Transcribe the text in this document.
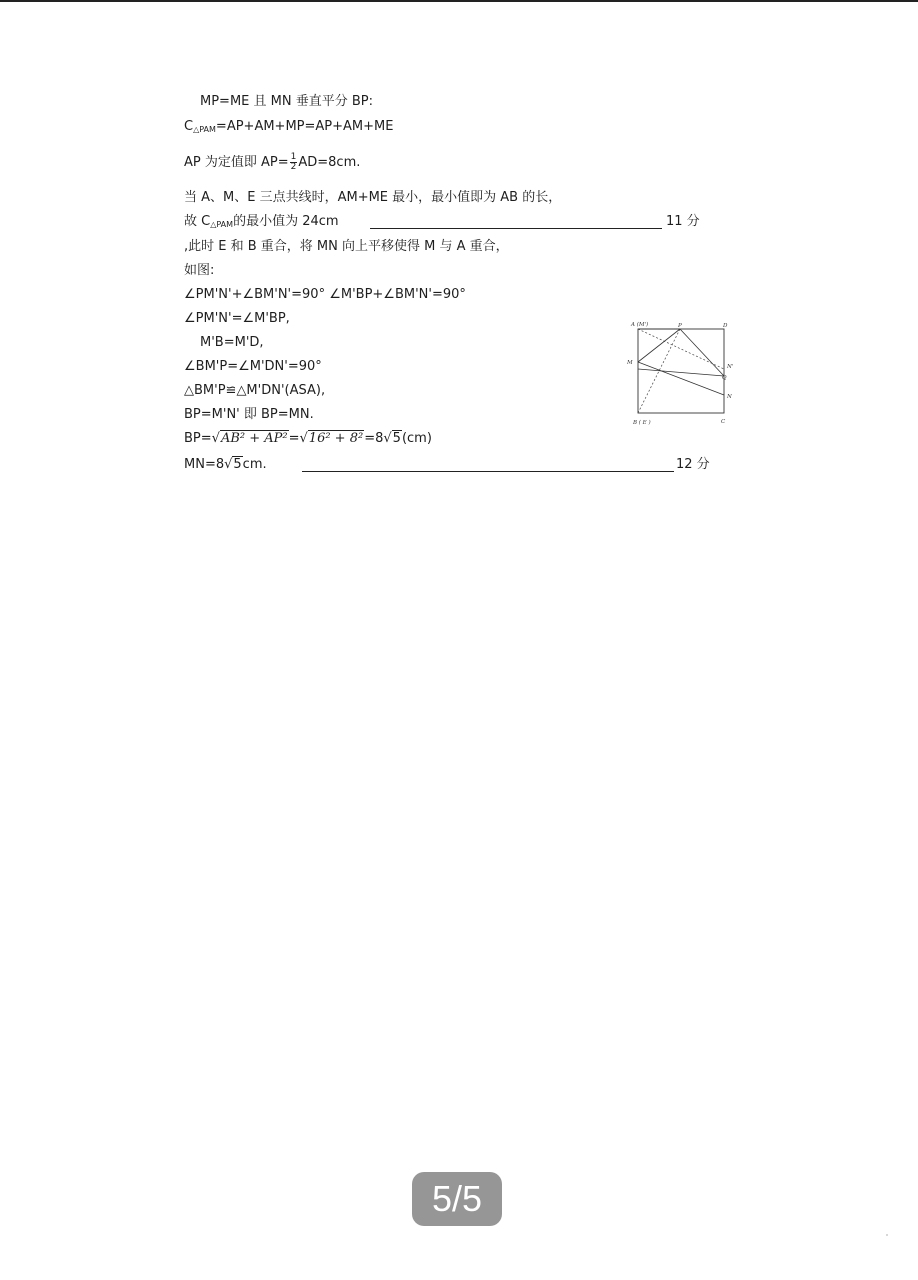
MP=ME 且 MN 垂直平分 BP:
$C_{\triangle PAM}=AP+AM+MP=AP+AM+ME$
AP 为定值即 $AP= \frac{1}{2} AD=8cm$.
当 A、M、E 三点共线时，AM+ME 最小，最小值即为 AB 的长，
故 $C_{\triangle PAM}$的最小值为 24cm	11 分
,此时 E 和 B 重合，将 MN 向上平移使得 M 与 A 重合，
如图:
∠PM'N'+∠BM'N'=90° ∠M'BP+∠BM'N'=90°
∠PM'N'=∠M'BP,
M'B=M'D,
∠BM'P=∠M'DN'=90°
△BM'P≌△M'DN'(ASA),
BP=M'N' 即 BP=MN.
BP=√AB² + AP²=√16² + 8²=8√5(cm)
MN=8√5cm.	12 分
A (M')	P	D
M
N'
Q
N
B ( E )	C
5/5
